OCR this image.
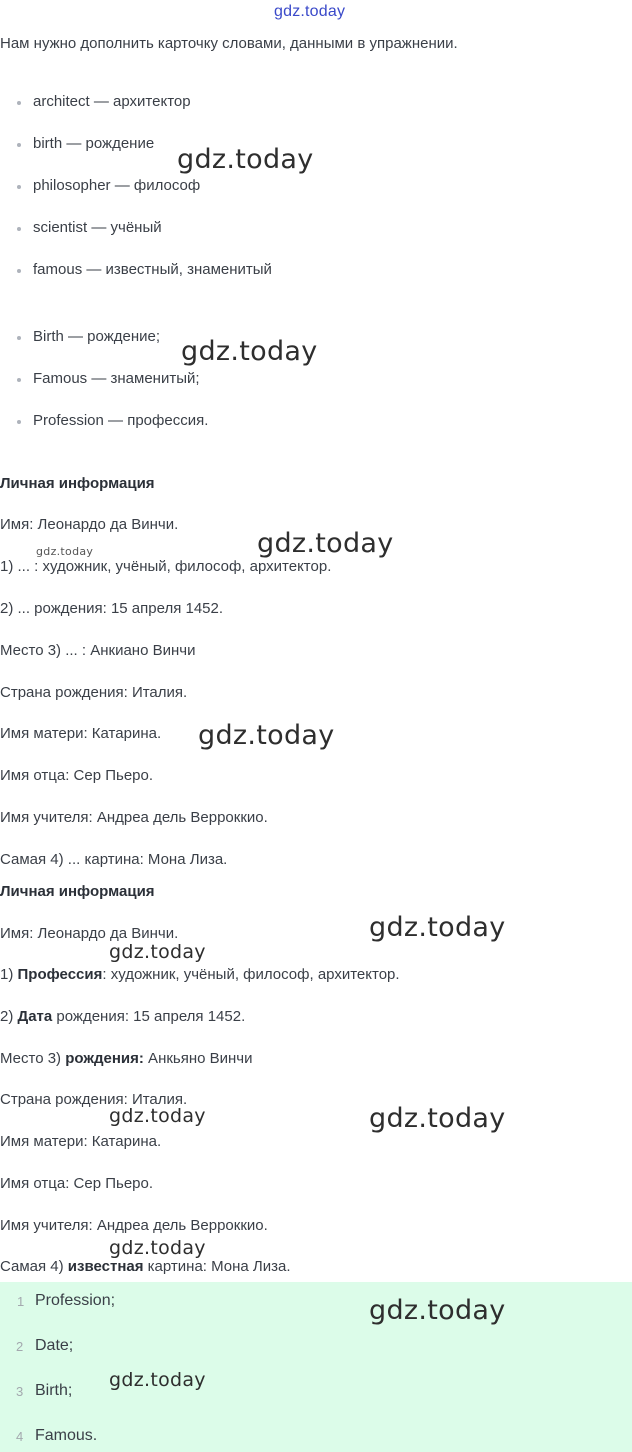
gdz.today
Нам нужно дополнить карточку словами, данными в упражнении.
architect — архитектор
birth — рождение
philosopher — философ
scientist — учёный
famous — известный, знаменитый
Birth — рождение;
Famous — знаменитый;
Profession — профессия.
Личная информация
Имя: Леонардо да Винчи.
1) ... : художник, учёный, философ, архитектор.
2) ... рождения: 15 апреля 1452.
Место 3) ... : Анкиано Винчи
Страна рождения: Италия.
Имя матери: Катарина.
Имя отца: Сер Пьеро.
Имя учителя: Андреа дель Верроккио.
Самая 4) ... картина: Мона Лиза.
Личная информация
Имя: Леонардо да Винчи.
1) Профессия: художник, учёный, философ, архитектор.
2) Дата рождения: 15 апреля 1452.
Место 3) рождения: Анкьяно Винчи
Страна рождения: Италия.
Имя матери: Катарина.
Имя отца: Сер Пьеро.
Имя учителя: Андреа дель Верроккио.
Самая 4) известная картина: Мона Лиза.
1 Profession;
2 Date;
3 Birth;
4 Famous.
gdz.today
gdz.today
gdz.today	gdz.today
gdz.today
gdz.today
gdz.today
gdz.today	gdz.today
gdz.today
gdz.today
gdz.today
